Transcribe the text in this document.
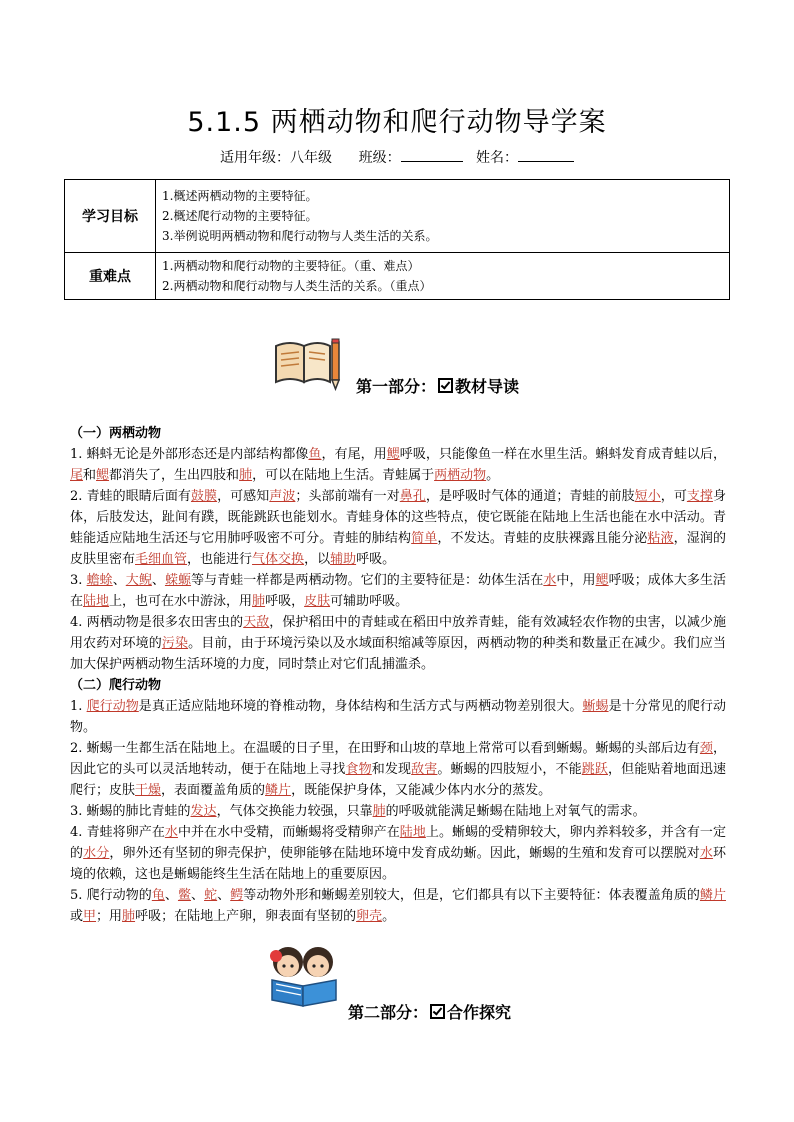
5.1.5 两栖动物和爬行动物导学案
适用年级：八年级 班级：	姓名：
学习目标	1.概述两栖动物的主要特征。
2.概述爬行动物的主要特征。
3.举例说明两栖动物和爬行动物与人类生活的关系。

重难点	1.两栖动物和爬行动物的主要特征。（重、难点）
2.两栖动物和爬行动物与人类生活的关系。（重点）
第一部分： 教材导读
（一）两栖动物

1. 蝌蚪无论是外部形态还是内部结构都像鱼，有尾，用鳃呼吸，只能像鱼一样在水里生活。蝌蚪发育成青蛙以后，尾和鳃都消失了，生出四肢和肺，可以在陆地上生活。青蛙属于两栖动物。

2. 青蛙的眼睛后面有鼓膜，可感知声波；头部前端有一对鼻孔，是呼吸时气体的通道；青蛙的前肢短小，可支撑身体，后肢发达，趾间有蹼，既能跳跃也能划水。青蛙身体的这些特点，使它既能在陆地上生活也能在水中活动。青蛙能适应陆地生活还与它用肺呼吸密不可分。青蛙的肺结构简单，不发达。青蛙的皮肤裸露且能分泌粘液，湿润的皮肤里密布毛细血管，也能进行气体交换，以辅助呼吸。

3. 蟾蜍、大鲵、蝾螈等与青蛙一样都是两栖动物。它们的主要特征是：幼体生活在水中，用鳃呼吸；成体大多生活在陆地上，也可在水中游泳，用肺呼吸，皮肤可辅助呼吸。

4. 两栖动物是很多农田害虫的天敌，保护稻田中的青蛙或在稻田中放养青蛙，能有效减轻农作物的虫害，以减少施用农药对环境的污染。目前，由于环境污染以及水域面积缩减等原因，两栖动物的种类和数量正在减少。我们应当加大保护两栖动物生活环境的力度，同时禁止对它们乱捕滥杀。

（二）爬行动物

1. 爬行动物是真正适应陆地环境的脊椎动物，身体结构和生活方式与两栖动物差别很大。蜥蜴是十分常见的爬行动物。

2. 蜥蜴一生都生活在陆地上。在温暖的日子里，在田野和山坡的草地上常常可以看到蜥蜴。蜥蜴的头部后边有颈，因此它的头可以灵活地转动，便于在陆地上寻找食物和发现敌害。蜥蜴的四肢短小，不能跳跃，但能贴着地面迅速爬行；皮肤干燥，表面覆盖角质的鳞片，既能保护身体，又能减少体内水分的蒸发。

3. 蜥蜴的肺比青蛙的发达，气体交换能力较强，只靠肺的呼吸就能满足蜥蜴在陆地上对氧气的需求。

4. 青蛙将卵产在水中并在水中受精，而蜥蜴将受精卵产在陆地上。蜥蜴的受精卵较大，卵内养料较多，并含有一定的水分，卵外还有坚韧的卵壳保护，使卵能够在陆地环境中发育成幼蜥。因此，蜥蜴的生殖和发育可以摆脱对水环境的依赖，这也是蜥蜴能终生生活在陆地上的重要原因。

5. 爬行动物的龟、鳖、蛇、鳄等动物外形和蜥蜴差别较大，但是，它们都具有以下主要特征：体表覆盖角质的鳞片或甲；用肺呼吸；在陆地上产卵，卵表面有坚韧的卵壳。

第二部分： 合作探究
